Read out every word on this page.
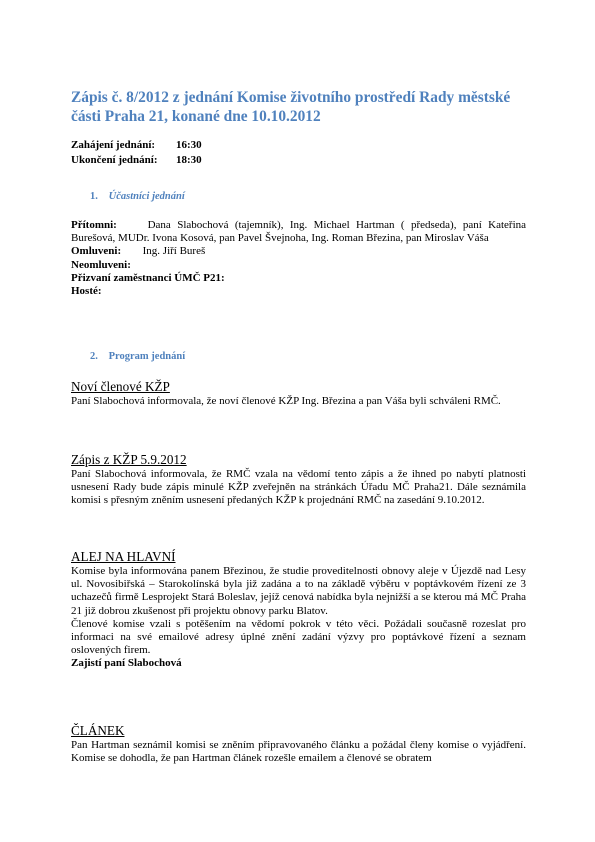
Zápis č. 8/2012 z jednání Komise životního prostředí Rady městské části Praha 21, konané dne 10.10.2012
Zahájení jednání:	16:30
Ukončení jednání:	18:30
1. Účastníci jednání

Přítomni:	Dana Slabochová (tajemník), Ing. Michael Hartman ( předseda), paní Kateřina Burešová, MUDr. Ivona Kosová, pan Pavel Švejnoha, Ing. Roman Březina, pan Miroslav Váša

Omluveni: Ing. Jiří Bureš
Neomluveni:
Přizvaní zaměstnanci ÚMČ P21:
Hosté:
2. Program jednání
Noví členové KŽP

Paní Slabochová informovala, že noví členové KŽP Ing. Březina a pan Váša byli schváleni RMČ.

Zápis z KŽP 5.9.2012

Paní Slabochová informovala, že RMČ vzala na vědomí tento zápis a že ihned po nabytí platnosti usnesení Rady bude zápis minulé KŽP zveřejněn na stránkách Úřadu MČ Praha21. Dále seznámila komisi s přesným zněním usnesení předaných KŽP k projednání RMČ na zasedání 9.10.2012.

ALEJ NA HLAVNÍ

Komise byla informována panem Březinou, že studie proveditelnosti obnovy aleje v Újezdě nad Lesy ul. Novosibiřská – Starokolínská byla již zadána a to na základě výběru v poptávkovém řízení ze 3 uchazečů firmě Lesprojekt Stará Boleslav, jejíž cenová nabídka byla nejnižší a se kterou má MČ Praha 21 již dobrou zkušenost při projektu obnovy parku Blatov.

Členové komise vzali s potěšením na vědomí pokrok v této věci. Požádali současně rozeslat pro informaci na své emailové adresy úplné znění zadání výzvy pro poptávkové řízení a seznam oslovených firem.

Zajistí paní Slabochová
ČLÁNEK

Pan Hartman seznámil komisi se zněním připravovaného článku a požádal členy komise o vyjádření. Komise se dohodla, že pan Hartman článek rozešle emailem a členové se obratem
